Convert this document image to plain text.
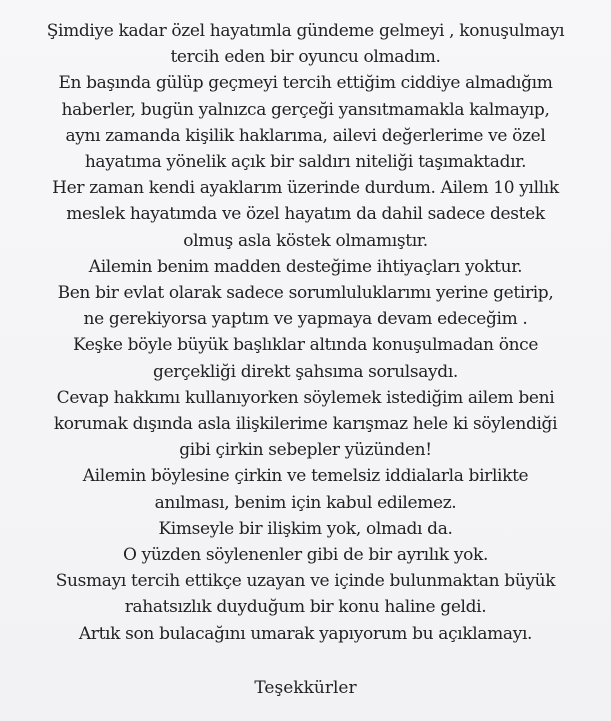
Şimdiye kadar özel hayatımla gündeme gelmeyi , konuşulmayı
tercih eden bir oyuncu olmadım.
En başında gülüp geçmeyi tercih ettiğim ciddiye almadığım
haberler, bugün yalnızca gerçeği yansıtmamakla kalmayıp,
aynı zamanda kişilik haklarıma, ailevi değerlerime ve özel
hayatıma yönelik açık bir saldırı niteliği taşımaktadır.
Her zaman kendi ayaklarım üzerinde durdum. Ailem 10 yıllık
meslek hayatımda ve özel hayatım da dahil sadece destek
olmuş asla köstek olmamıştır.
Ailemin benim madden desteğime ihtiyaçları yoktur.
Ben bir evlat olarak sadece sorumluluklarımı yerine getirip,
ne gerekiyorsa yaptım ve yapmaya devam edeceğim .
Keşke böyle büyük başlıklar altında konuşulmadan önce
gerçekliği direkt şahsıma sorulsaydı.
Cevap hakkımı kullanıyorken söylemek istediğim ailem beni
korumak dışında asla ilişkilerime karışmaz hele ki söylendiği
gibi çirkin sebepler yüzünden!
Ailemin böylesine çirkin ve temelsiz iddialarla birlikte
anılması, benim için kabul edilemez.
Kimseyle bir ilişkim yok, olmadı da.
O yüzden söylenenler gibi de bir ayrılık yok.
Susmayı tercih ettikçe uzayan ve içinde bulunmaktan büyük
rahatsızlık duyduğum bir konu haline geldi.
Artık son bulacağını umarak yapıyorum bu açıklamayı.
Teşekkürler
